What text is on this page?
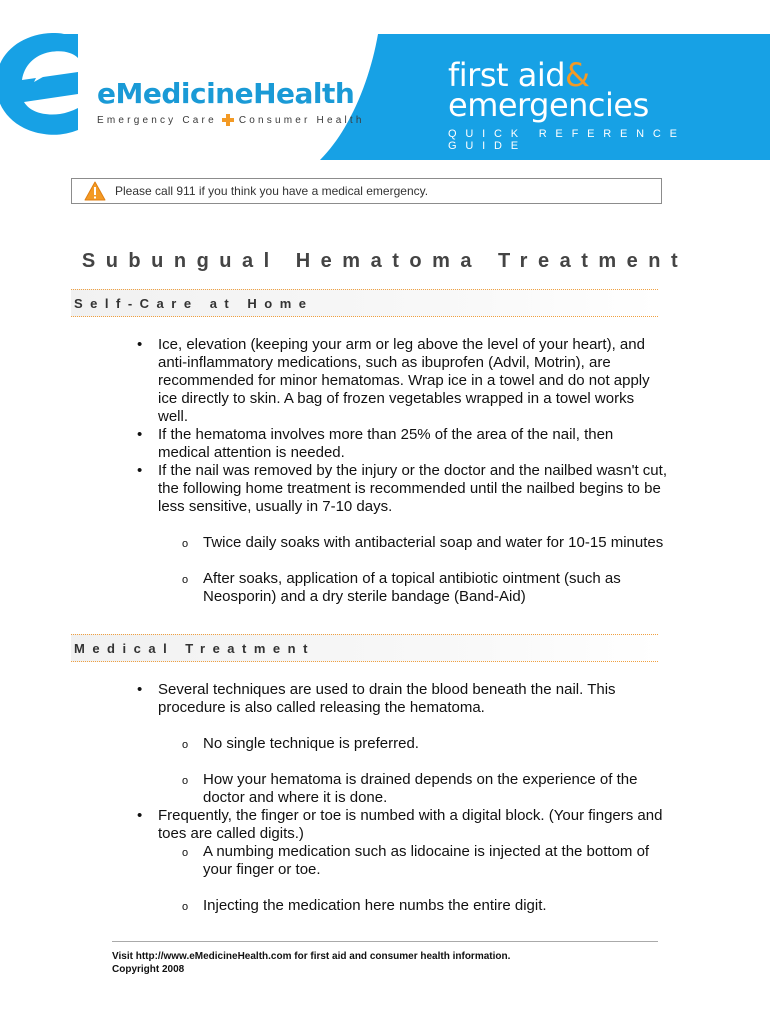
eMedicineHealth
Emergency Care Consumer Health
first aid&
emergencies
QUICK REFERENCE GUIDE
Please call 911 if you think you have a medical emergency.
Subungual Hematoma Treatment
Self-Care at Home
• Ice, elevation (keeping your arm or leg above the level of your heart), and anti-inflammatory medications, such as ibuprofen (Advil, Motrin), are recommended for minor hematomas. Wrap ice in a towel and do not apply ice directly to skin. A bag of frozen vegetables wrapped in a towel works well.
• If the hematoma involves more than 25% of the area of the nail, then medical attention is needed.
• If the nail was removed by the injury or the doctor and the nailbed wasn't cut, the following home treatment is recommended until the nailbed begins to be less sensitive, usually in 7-10 days.
o Twice daily soaks with antibacterial soap and water for 10-15 minutes
o After soaks, application of a topical antibiotic ointment (such as Neosporin) and a dry sterile bandage (Band-Aid)
Medical Treatment
• Several techniques are used to drain the blood beneath the nail. This procedure is also called releasing the hematoma.
o No single technique is preferred.
o How your hematoma is drained depends on the experience of the doctor and where it is done.
• Frequently, the finger or toe is numbed with a digital block. (Your fingers and toes are called digits.)
o A numbing medication such as lidocaine is injected at the bottom of your finger or toe.
o Injecting the medication here numbs the entire digit.
Visit http://www.eMedicineHealth.com for first aid and consumer health information.
Copyright 2008
